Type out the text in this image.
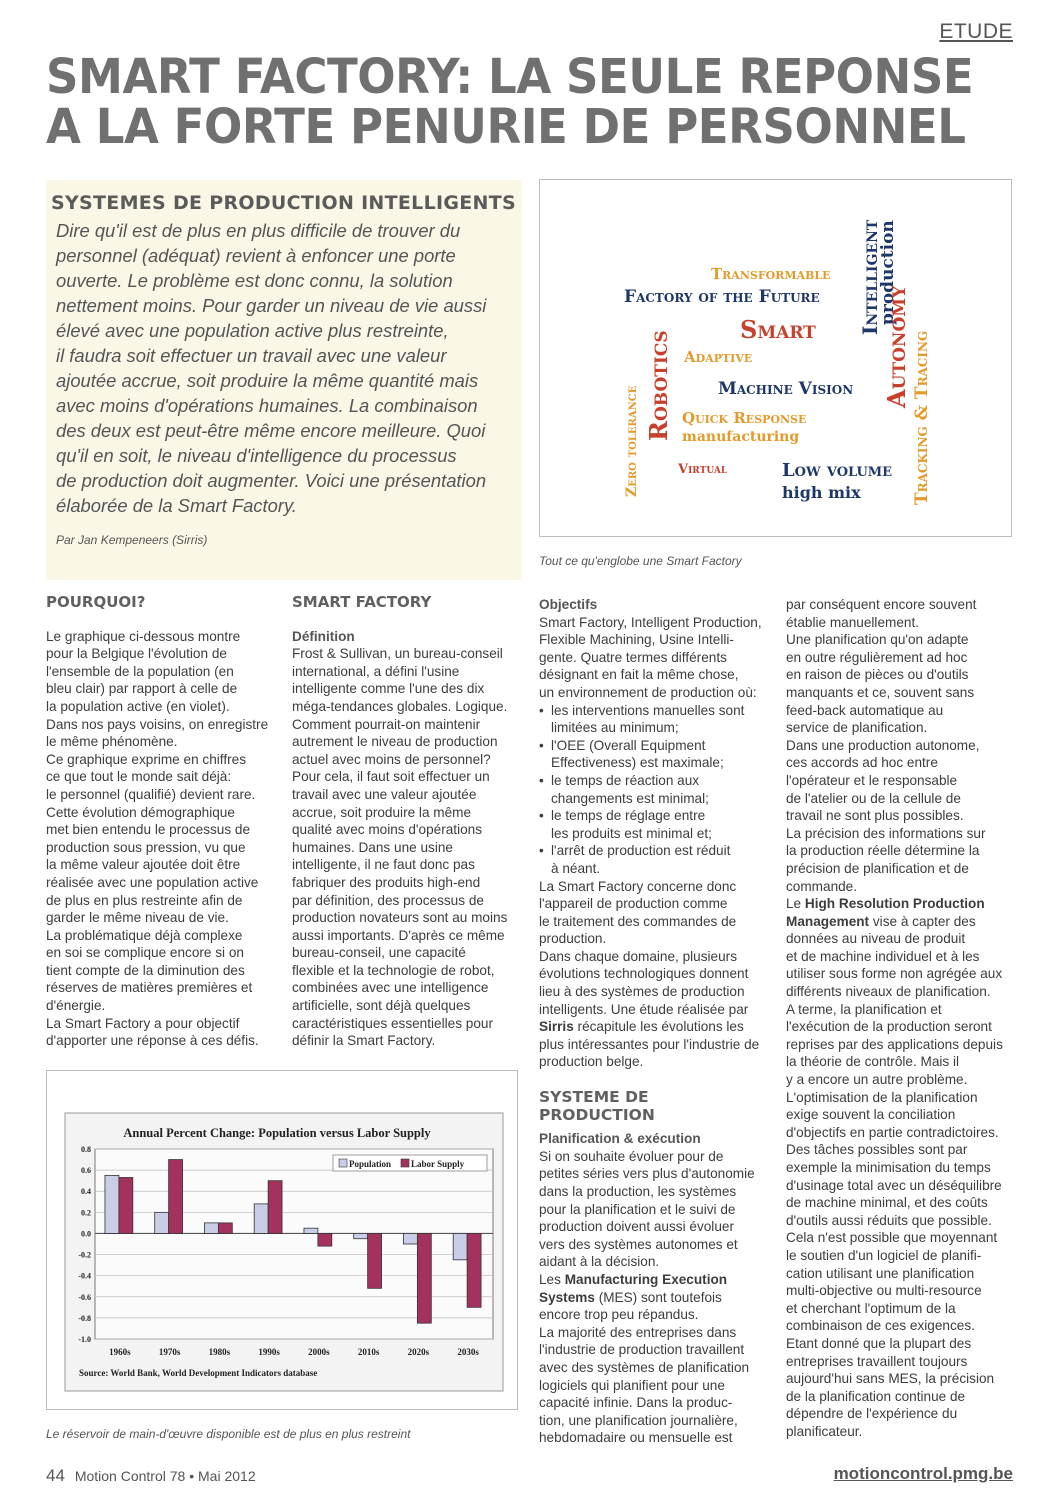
ETUDE
SMART FACTORY: LA SEULE REPONSE
A LA FORTE PENURIE DE PERSONNEL
SYSTEMES DE PRODUCTION INTELLIGENTS
Dire qu'il est de plus en plus difficile de trouver du
personnel (adéquat) revient à enfoncer une porte
ouverte. Le problème est donc connu, la solution
nettement moins. Pour garder un niveau de vie aussi
élevé avec une population active plus restreinte,
il faudra soit effectuer un travail avec une valeur
ajoutée accrue, soit produire la même quantité mais
avec moins d'opérations humaines. La combinaison
des deux est peut-être même encore meilleure. Quoi
qu'il en soit, le niveau d'intelligence du processus
de production doit augmenter. Voici une présentation
élaborée de la Smart Factory.
Par Jan Kempeneers (Sirris)
Transformable
Factory of the Future Intelligent
production
Autonomy
Smart
Robotics Adaptive
Machine Vision
Zero tolerance	Quick Response
manufacturing	Tracking & Tracing
Virtual	Low volume
high mix
Tout ce qu'englobe une Smart Factory
POURQUOI?
Le graphique ci-dessous montre
pour la Belgique l'évolution de
l'ensemble de la population (en
bleu clair) par rapport à celle de
la population active (en violet).
Dans nos pays voisins, on enregistre
le même phénomène.
Ce graphique exprime en chiffres
ce que tout le monde sait déjà:
le personnel (qualifié) devient rare.
Cette évolution démographique
met bien entendu le processus de
production sous pression, vu que
la même valeur ajoutée doit être
réalisée avec une population active
de plus en plus restreinte afin de
garder le même niveau de vie.
La problématique déjà complexe
en soi se complique encore si on
tient compte de la diminution des
réserves de matières premières et
d'énergie.
La Smart Factory a pour objectif
d'apporter une réponse à ces défis.
SMART FACTORY
Définition
Frost & Sullivan, un bureau-conseil
international, a défini l'usine
intelligente comme l'une des dix
méga-tendances globales. Logique.
Comment pourrait-on maintenir
autrement le niveau de production
actuel avec moins de personnel?
Pour cela, il faut soit effectuer un
travail avec une valeur ajoutée
accrue, soit produire la même
qualité avec moins d'opérations
humaines. Dans une usine
intelligente, il ne faut donc pas
fabriquer des produits high-end
par définition, des processus de
production novateurs sont au moins
aussi importants. D'après ce même
bureau-conseil, une capacité
flexible et la technologie de robot,
combinées avec une intelligence
artificielle, sont déjà quelques
caractéristiques essentielles pour
définir la Smart Factory.
Objectifs
Smart Factory, Intelligent Production,
Flexible Machining, Usine Intelli-
gente. Quatre termes différents
désignant en fait la même chose,
un environnement de production où:
• les interventions manuelles sont
limitées au minimum;
• l'OEE (Overall Equipment
Effectiveness) est maximale;
• le temps de réaction aux
changements est minimal;
• le temps de réglage entre
les produits est minimal et;
• l'arrêt de production est réduit
à néant.
La Smart Factory concerne donc
l'appareil de production comme
le traitement des commandes de
production.
Dans chaque domaine, plusieurs
évolutions technologiques donnent
lieu à des systèmes de production
intelligents. Une étude réalisée par
Sirris récapitule les évolutions les
plus intéressantes pour l'industrie de
production belge.
SYSTEME DE PRODUCTION
Planification & exécution
Si on souhaite évoluer pour de
petites séries vers plus d'autonomie
dans la production, les systèmes
pour la planification et le suivi de
production doivent aussi évoluer
vers des systèmes autonomes et
aidant à la décision.
Les Manufacturing Execution
Systems (MES) sont toutefois
encore trop peu répandus.
La majorité des entreprises dans
l'industrie de production travaillent
avec des systèmes de planification
logiciels qui planifient pour une
capacité infinie. Dans la produc-
tion, une planification journalière,
hebdomadaire ou mensuelle est
par conséquent encore souvent
établie manuellement.
Une planification qu'on adapte
en outre régulièrement ad hoc
en raison de pièces ou d'outils
manquants et ce, souvent sans
feed-back automatique au
service de planification.
Dans une production autonome,
ces accords ad hoc entre
l'opérateur et le responsable
de l'atelier ou de la cellule de
travail ne sont plus possibles.
La précision des informations sur
la production réelle détermine la
précision de planification et de
commande.
Le High Resolution Production
Management vise à capter des
données au niveau de produit
et de machine individuel et à les
utiliser sous forme non agrégée aux
différents niveaux de planification.
A terme, la planification et
l'exécution de la production seront
reprises par des applications depuis
la théorie de contrôle. Mais il
y a encore un autre problème.
L'optimisation de la planification
exige souvent la conciliation
d'objectifs en partie contradictoires.
Des tâches possibles sont par
exemple la minimisation du temps
d'usinage total avec un déséquilibre
de machine minimal, et des coûts
d'outils aussi réduits que possible.
Cela n'est possible que moyennant
le soutien d'un logiciel de planifi-
cation utilisant une planification
multi-objective ou multi-resource
et cherchant l'optimum de la
combinaison de ces exigences.
Etant donné que la plupart des
entreprises travaillent toujours
aujourd'hui sans MES, la précision
de la planification continue de
dépendre de l'expérience du
planificateur.
Annual Percent Change: Population versus Labor Supply
0.8
0.6
0.4
0.2
0.0
-0.2
-0.4
-0.6
-0.8
-1.0
1960s	1970s	1980s	1990s	2000s	2010s	2020s	2030s
Population Labor Supply
Source: World Bank, World Development Indicators database
Le réservoir de main-d'œuvre disponible est de plus en plus restreint
44 Motion Control 78 • Mai 2012	motioncontrol.pmg.be
